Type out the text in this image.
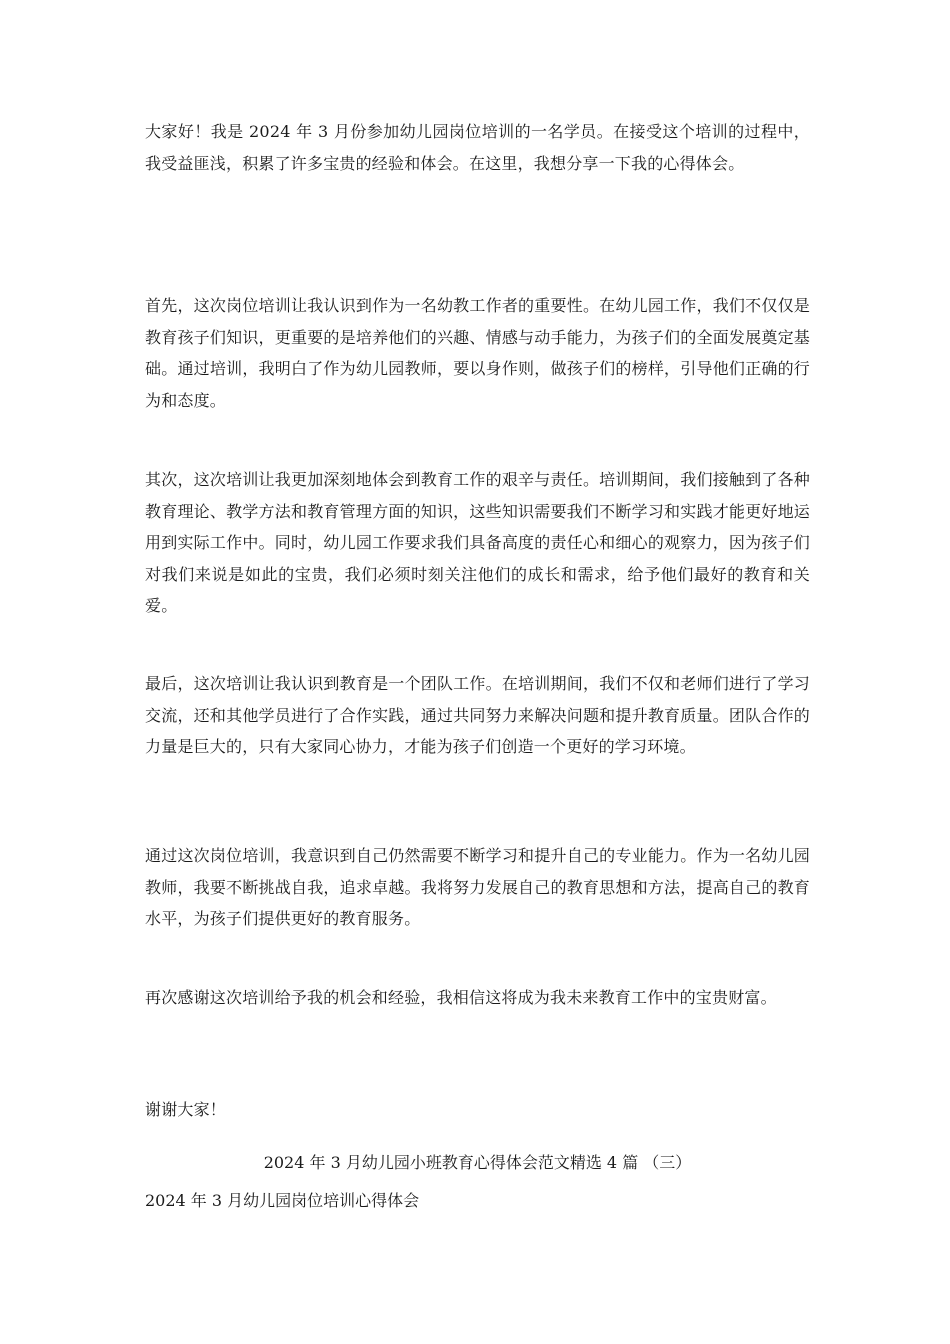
大家好！我是 2024 年 3 月份参加幼儿园岗位培训的一名学员。在接受这个培训的过程中，我受益匪浅，积累了许多宝贵的经验和体会。在这里，我想分享一下我的心得体会。

首先，这次岗位培训让我认识到作为一名幼教工作者的重要性。在幼儿园工作，我们不仅仅是教育孩子们知识，更重要的是培养他们的兴趣、情感与动手能力，为孩子们的全面发展奠定基础。通过培训，我明白了作为幼儿园教师，要以身作则，做孩子们的榜样，引导他们正确的行为和态度。

其次，这次培训让我更加深刻地体会到教育工作的艰辛与责任。培训期间，我们接触到了各种教育理论、教学方法和教育管理方面的知识，这些知识需要我们不断学习和实践才能更好地运用到实际工作中。同时，幼儿园工作要求我们具备高度的责任心和细心的观察力，因为孩子们对我们来说是如此的宝贵，我们必须时刻关注他们的成长和需求，给予他们最好的教育和关爱。

最后，这次培训让我认识到教育是一个团队工作。在培训期间，我们不仅和老师们进行了学习交流，还和其他学员进行了合作实践，通过共同努力来解决问题和提升教育质量。团队合作的力量是巨大的，只有大家同心协力，才能为孩子们创造一个更好的学习环境。

通过这次岗位培训，我意识到自己仍然需要不断学习和提升自己的专业能力。作为一名幼儿园教师，我要不断挑战自我，追求卓越。我将努力发展自己的教育思想和方法，提高自己的教育水平，为孩子们提供更好的教育服务。

再次感谢这次培训给予我的机会和经验，我相信这将成为我未来教育工作中的宝贵财富。

谢谢大家！

2024 年 3 月幼儿园小班教育心得体会范文精选 4 篇 （三）

2024 年 3 月幼儿园岗位培训心得体会
